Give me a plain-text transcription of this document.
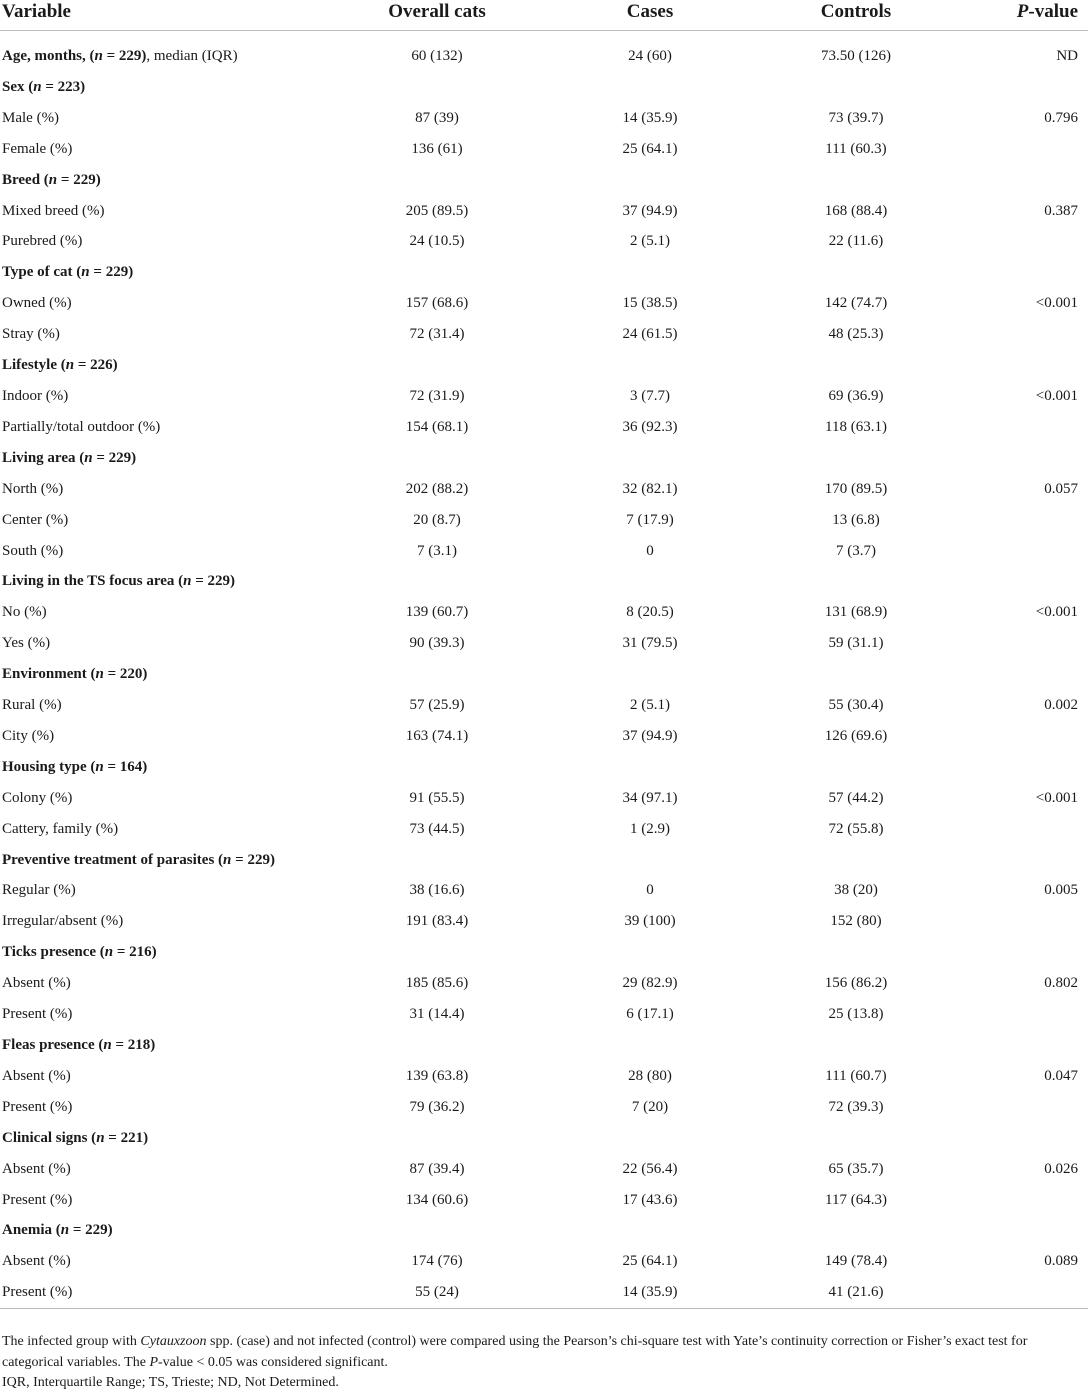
Variable	Overall cats	Cases	Controls	P-value

Age, months, (n = 229), median (IQR)	60 (132)	24 (60)	73.50 (126)	ND
Sex (n = 223)				
Male (%)	87 (39)	14 (35.9)	73 (39.7)	0.796
Female (%)	136 (61)	25 (64.1)	111 (60.3)	
Breed (n = 229)				
Mixed breed (%)	205 (89.5)	37 (94.9)	168 (88.4)	0.387
Purebred (%)	24 (10.5)	2 (5.1)	22 (11.6)	
Type of cat (n = 229)				
Owned (%)	157 (68.6)	15 (38.5)	142 (74.7)	<0.001
Stray (%)	72 (31.4)	24 (61.5)	48 (25.3)	
Lifestyle (n = 226)				
Indoor (%)	72 (31.9)	3 (7.7)	69 (36.9)	<0.001
Partially/total outdoor (%)	154 (68.1)	36 (92.3)	118 (63.1)	
Living area (n = 229)				
North (%)	202 (88.2)	32 (82.1)	170 (89.5)	0.057
Center (%)	20 (8.7)	7 (17.9)	13 (6.8)	
South (%)	7 (3.1)	0	7 (3.7)	
Living in the TS focus area (n = 229)				
No (%)	139 (60.7)	8 (20.5)	131 (68.9)	<0.001
Yes (%)	90 (39.3)	31 (79.5)	59 (31.1)	
Environment (n = 220)				
Rural (%)	57 (25.9)	2 (5.1)	55 (30.4)	0.002
City (%)	163 (74.1)	37 (94.9)	126 (69.6)	
Housing type (n = 164)				
Colony (%)	91 (55.5)	34 (97.1)	57 (44.2)	<0.001
Cattery, family (%)	73 (44.5)	1 (2.9)	72 (55.8)	
Preventive treatment of parasites (n = 229)				
Regular (%)	38 (16.6)	0	38 (20)	0.005
Irregular/absent (%)	191 (83.4)	39 (100)	152 (80)	
Ticks presence (n = 216)				
Absent (%)	185 (85.6)	29 (82.9)	156 (86.2)	0.802
Present (%)	31 (14.4)	6 (17.1)	25 (13.8)	
Fleas presence (n = 218)				
Absent (%)	139 (63.8)	28 (80)	111 (60.7)	0.047
Present (%)	79 (36.2)	7 (20)	72 (39.3)	
Clinical signs (n = 221)				
Absent (%)	87 (39.4)	22 (56.4)	65 (35.7)	0.026
Present (%)	134 (60.6)	17 (43.6)	117 (64.3)	
Anemia (n = 229)				
Absent (%)	174 (76)	25 (64.1)	149 (78.4)	0.089
Present (%)	55 (24)	14 (35.9)	41 (21.6)	

The infected group with Cytauxzoon spp. (case) and not infected (control) were compared using the Pearson’s chi-square test with Yate’s continuity correction or Fisher’s exact test for categorical variables. The P-value < 0.05 was considered significant.

IQR, Interquartile Range; TS, Trieste; ND, Not Determined.
